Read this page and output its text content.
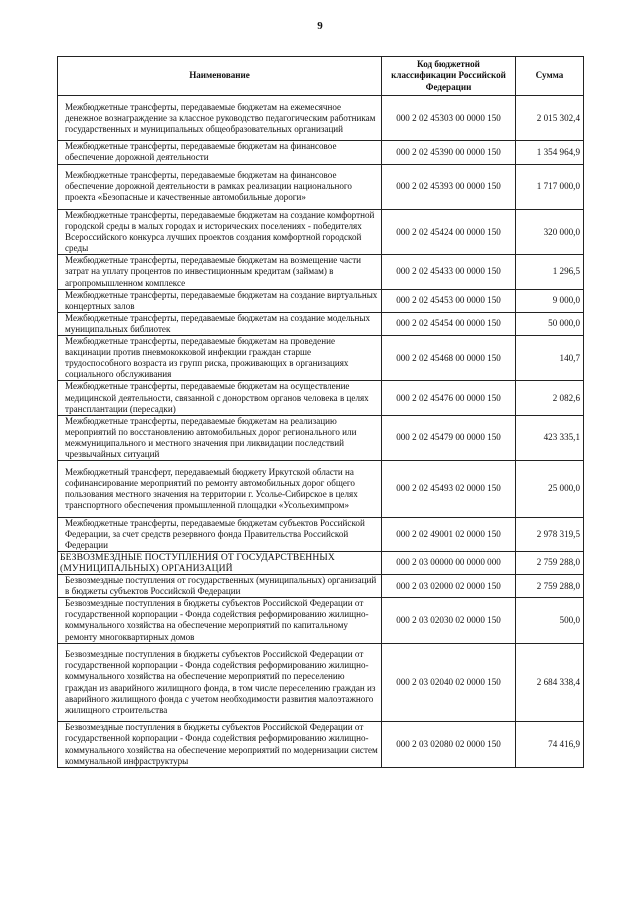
9
Наименование	Код бюджетной классификации Российской Федерации	Сумма
Межбюджетные трансферты, передаваемые бюджетам на ежемесячное денежное вознаграждение за классное руководство педагогическим работникам государственных и муниципальных общеобразовательных организаций	000 2 02 45303 00 0000 150	2 015 302,4
Межбюджетные трансферты, передаваемые бюджетам на финансовое обеспечение дорожной деятельности	000 2 02 45390 00 0000 150	1 354 964,9
Межбюджетные трансферты, передаваемые бюджетам на финансовое обеспечение дорожной деятельности в рамках реализации национального проекта «Безопасные и качественные автомобильные дороги»	000 2 02 45393 00 0000 150	1 717 000,0
Межбюджетные трансферты, передаваемые бюджетам на создание комфортной городской среды в малых городах и исторических поселениях - победителях Всероссийского конкурса лучших проектов создания комфортной городской среды	000 2 02 45424 00 0000 150	320 000,0
Межбюджетные трансферты, передаваемые бюджетам на возмещение части затрат на уплату процентов по инвестиционным кредитам (займам) в агропромышленном комплексе	000 2 02 45433 00 0000 150	1 296,5
Межбюджетные трансферты, передаваемые бюджетам на создание виртуальных концертных залов	000 2 02 45453 00 0000 150	9 000,0
Межбюджетные трансферты, передаваемые бюджетам на создание модельных муниципальных библиотек	000 2 02 45454 00 0000 150	50 000,0
Межбюджетные трансферты, передаваемые бюджетам на проведение вакцинации против пневмококковой инфекции граждан старше трудоспособного возраста из групп риска, проживающих в организациях социального обслуживания	000 2 02 45468 00 0000 150	140,7
Межбюджетные трансферты, передаваемые бюджетам на осуществление медицинской деятельности, связанной с донорством органов человека в целях трансплантации (пересадки)	000 2 02 45476 00 0000 150	2 082,6
Межбюджетные трансферты, передаваемые бюджетам на реализацию мероприятий по восстановлению автомобильных дорог регионального или межмуниципального и местного значения при ликвидации последствий чрезвычайных ситуаций	000 2 02 45479 00 0000 150	423 335,1
Межбюджетный трансферт, передаваемый бюджету Иркутской области на софинансирование мероприятий по ремонту автомобильных дорог общего пользования местного значения на территории г. Усолье-Сибирское в целях транспортного обеспечения промышленной площадки «Усольехимпром»	000 2 02 45493 02 0000 150	25 000,0
Межбюджетные трансферты, передаваемые бюджетам субъектов Российской Федерации, за счет средств резервного фонда Правительства Российской Федерации	000 2 02 49001 02 0000 150	2 978 319,5
БЕЗВОЗМЕЗДНЫЕ ПОСТУПЛЕНИЯ ОТ ГОСУДАРСТВЕННЫХ (МУНИЦИПАЛЬНЫХ) ОРГАНИЗАЦИЙ	000 2 03 00000 00 0000 000	2 759 288,0
Безвозмездные поступления от государственных (муниципальных) организаций в бюджеты субъектов Российской Федерации	000 2 03 02000 02 0000 150	2 759 288,0
Безвозмездные поступления в бюджеты субъектов Российской Федерации от государственной корпорации - Фонда содействия реформированию жилищно-коммунального хозяйства на обеспечение мероприятий по капитальному ремонту многоквартирных домов	000 2 03 02030 02 0000 150	500,0
Безвозмездные поступления в бюджеты субъектов Российской Федерации от государственной корпорации - Фонда содействия реформированию жилищно-коммунального хозяйства на обеспечение мероприятий по переселению граждан из аварийного жилищного фонда, в том числе переселению граждан из аварийного жилищного фонда с учетом необходимости развития малоэтажного жилищного строительства	000 2 03 02040 02 0000 150	2 684 338,4
Безвозмездные поступления в бюджеты субъектов Российской Федерации от государственной корпорации - Фонда содействия реформированию жилищно-коммунального хозяйства на обеспечение мероприятий по модернизации систем коммунальной инфраструктуры	000 2 03 02080 02 0000 150	74 416,9
